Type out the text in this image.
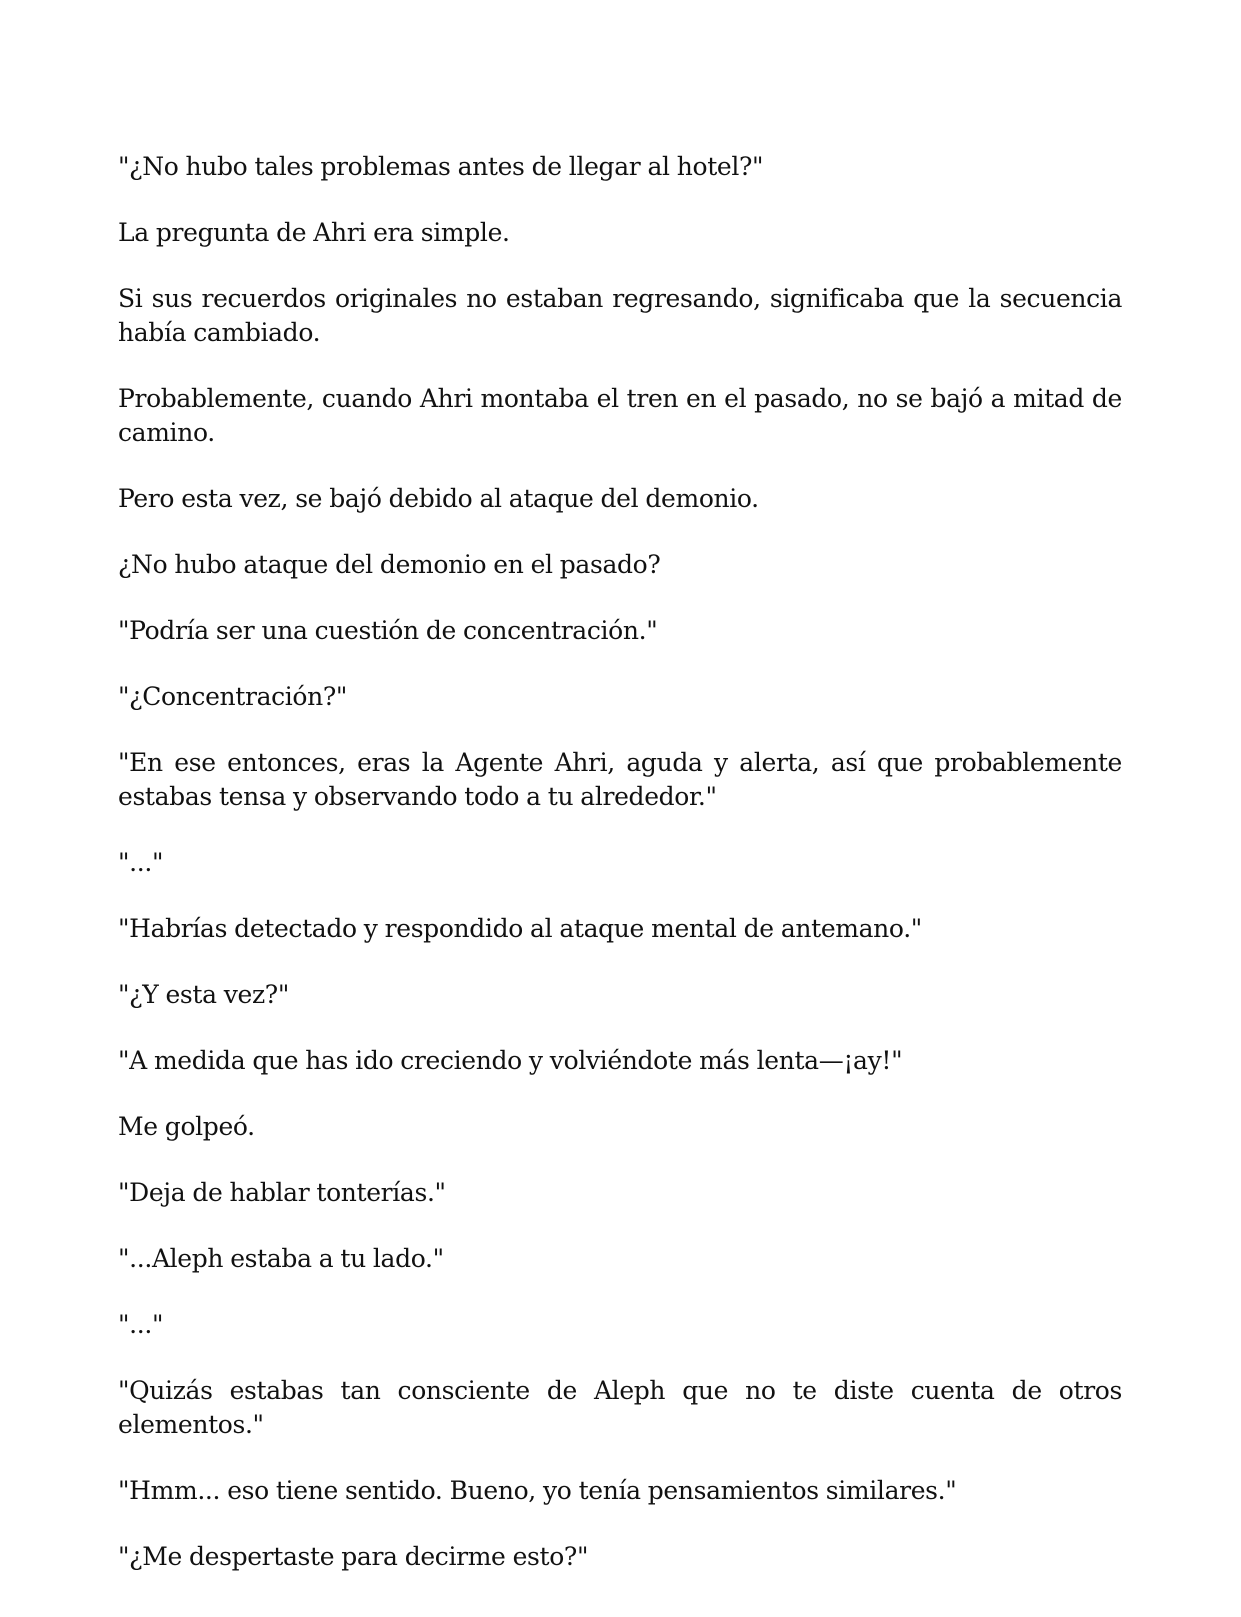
"¿No hubo tales problemas antes de llegar al hotel?"

La pregunta de Ahri era simple.

Si sus recuerdos originales no estaban regresando, significaba que la secuencia había cambiado.

Probablemente, cuando Ahri montaba el tren en el pasado, no se bajó a mitad de camino.

Pero esta vez, se bajó debido al ataque del demonio.

¿No hubo ataque del demonio en el pasado?

"Podría ser una cuestión de concentración."

"¿Concentración?"

"En ese entonces, eras la Agente Ahri, aguda y alerta, así que probablemente estabas tensa y observando todo a tu alrededor."

"..."

"Habrías detectado y respondido al ataque mental de antemano."

"¿Y esta vez?"

"A medida que has ido creciendo y volviéndote más lenta—¡ay!"

Me golpeó.

"Deja de hablar tonterías."

"...Aleph estaba a tu lado."

"..."

"Quizás estabas tan consciente de Aleph que no te diste cuenta de otros elementos."

"Hmm... eso tiene sentido. Bueno, yo tenía pensamientos similares."

"¿Me despertaste para decirme esto?"
